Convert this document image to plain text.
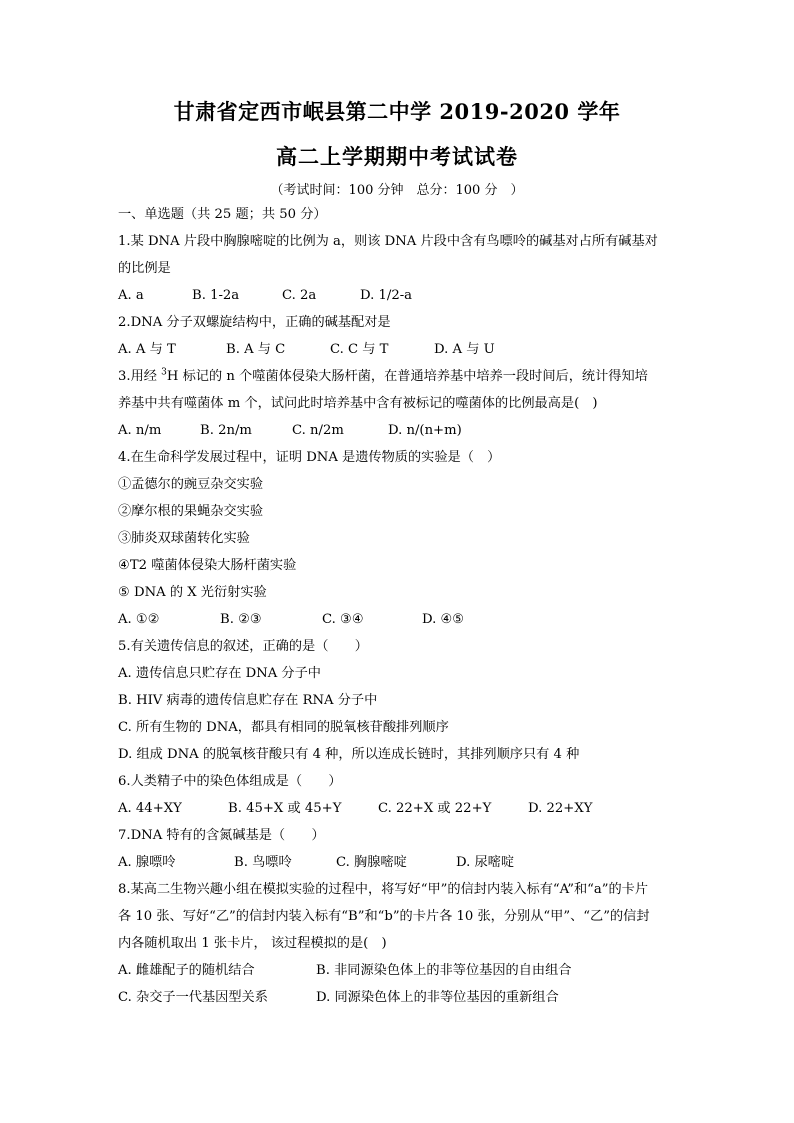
甘肃省定西市岷县第二中学 2019-2020 学年
高二上学期期中考试试卷
（考试时间：100 分钟　总分：100 分　）
一、单选题（共 25 题；共 50 分）
1.某 DNA 片段中胸腺嘧啶的比例为 a，则该 DNA 片段中含有鸟嘌呤的碱基对占所有碱基对
的比例是
A. a	B. 1-2a	C. 2a	D. 1/2-a
2.DNA 分子双螺旋结构中，正确的碱基配对是
A. A 与 T	B. A 与 C	C. C 与 T	D. A 与 U
3.用经 $^3$H 标记的 n 个噬菌体侵染大肠杆菌，在普通培养基中培养一段时间后，统计得知培
养基中共有噬菌体 m 个，试问此时培养基中含有被标记的噬菌体的比例最高是(　)
A. n/m	B. 2n/m	C. n/2m	D. n/(n+m)
4.在生命科学发展过程中，证明 DNA 是遗传物质的实验是（　）
①孟德尔的豌豆杂交实验
②摩尔根的果蝇杂交实验
③肺炎双球菌转化实验
④T2 噬菌体侵染大肠杆菌实验
⑤ DNA 的 X 光衍射实验
A. ①②	B. ②③	C. ③④	D. ④⑤
5.有关遗传信息的叙述，正确的是（　　）
A. 遗传信息只贮存在 DNA 分子中
B. HIV 病毒的遗传信息贮存在 RNA 分子中
C. 所有生物的 DNA，都具有相同的脱氧核苷酸排列顺序
D. 组成 DNA 的脱氧核苷酸只有 4 种，所以连成长链时，其排列顺序只有 4 种
6.人类精子中的染色体组成是（　　）
A. 44+XY	B. 45+X 或 45+Y	C. 22+X 或 22+Y	D. 22+XY
7.DNA 特有的含氮碱基是（　　）
A. 腺嘌呤	B. 鸟嘌呤	C. 胸腺嘧啶	D. 尿嘧啶
8.某高二生物兴趣小组在模拟实验的过程中，将写好“甲”的信封内装入标有“A”和“a”的卡片
各 10 张、写好“乙”的信封内装入标有“B”和“b”的卡片各 10 张，分别从“甲”、“乙”的信封
内各随机取出 1 张卡片， 该过程模拟的是(　)
A. 雌雄配子的随机结合	B. 非同源染色体上的非等位基因的自由组合
C. 杂交子一代基因型关系	D. 同源染色体上的非等位基因的重新组合
